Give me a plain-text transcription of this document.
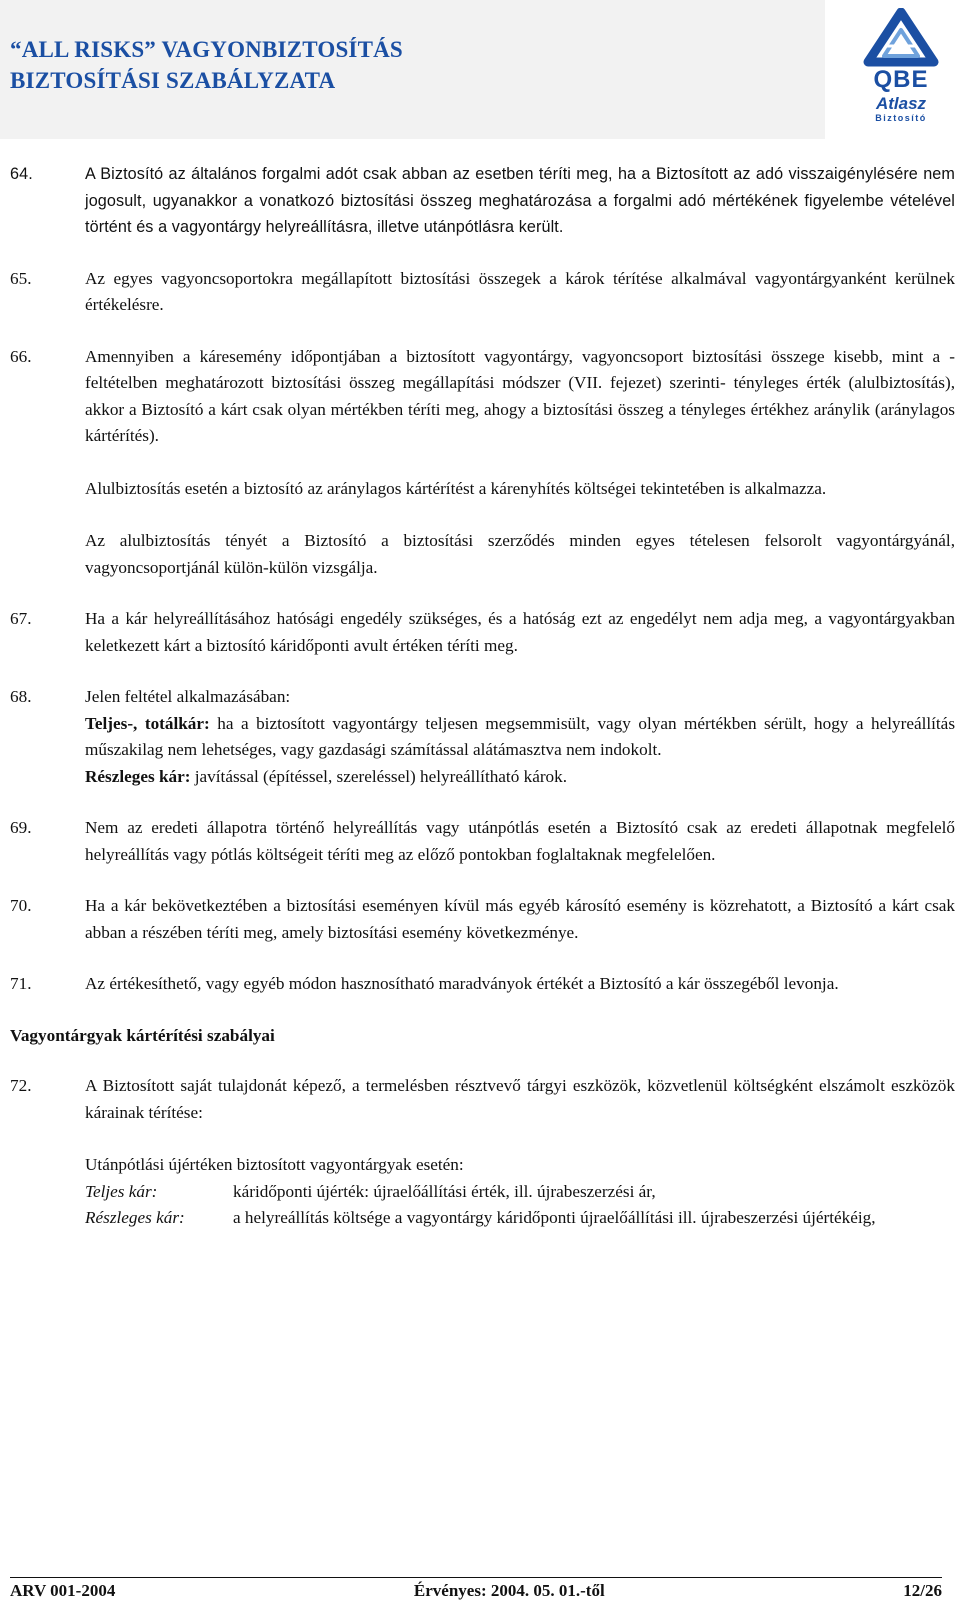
“ALL RISKS” VAGYONBIZTOSÍTÁS
BIZTOSÍTÁSI SZABÁLYZATA	QBE
Atlasz
Biztosító
64.	A Biztosító az általános forgalmi adót csak abban az esetben téríti meg, ha a Biztosított az adó visszaigénylésére nem jogosult, ugyanakkor a vonatkozó biztosítási összeg meghatározása a forgalmi adó mértékének figyelembe vételével történt és a vagyontárgy helyreállításra, illetve utánpótlásra került.

65.	Az egyes vagyoncsoportokra megállapított biztosítási összegek a károk térítése alkalmával vagyontárgyanként kerülnek értékelésre.

66.	Amennyiben a káresemény időpontjában a biztosított vagyontárgy, vagyoncsoport biztosítási összege kisebb, mint a - feltételben meghatározott biztosítási összeg megállapítási módszer (VII. fejezet) szerinti- tényleges érték (alulbiztosítás), akkor a Biztosító a kárt csak olyan mértékben téríti meg, ahogy a biztosítási összeg a tényleges értékhez aránylik (aránylagos kártérítés).

Alulbiztosítás esetén a biztosító az aránylagos kártérítést a kárenyhítés költségei tekintetében is alkalmazza.

Az alulbiztosítás tényét a Biztosító a biztosítási szerződés minden egyes tételesen felsorolt vagyontárgyánál, vagyoncsoportjánál külön-külön vizsgálja.

67.	Ha a kár helyreállításához hatósági engedély szükséges, és a hatóság ezt az engedélyt nem adja meg, a vagyontárgyakban keletkezett kárt a biztosító káridőponti avult értéken téríti meg.

68.	Jelen feltétel alkalmazásában:

Teljes-, totálkár: ha a biztosított vagyontárgy teljesen megsemmisült, vagy olyan mértékben sérült, hogy a helyreállítás műszakilag nem lehetséges, vagy gazdasági számítással alátámasztva nem indokolt.
Részleges kár: javítással (építéssel, szereléssel) helyreállítható károk.
69.	Nem az eredeti állapotra történő helyreállítás vagy utánpótlás esetén a Biztosító csak az eredeti állapotnak megfelelő helyreállítás vagy pótlás költségeit téríti meg az előző pontokban foglaltaknak megfelelően.

70.	Ha a kár bekövetkeztében a biztosítási eseményen kívül más egyéb károsító esemény is közrehatott, a Biztosító a kárt csak abban a részében téríti meg, amely biztosítási esemény következménye.

71.	Az értékesíthető, vagy egyéb módon hasznosítható maradványok értékét a Biztosító a kár összegéből levonja.

Vagyontárgyak kártérítési szabályai
72.	A Biztosított saját tulajdonát képező, a termelésben résztvevő tárgyi eszközök, közvetlenül költségként elszámolt eszközök kárainak térítése:

Utánpótlási újértéken biztosított vagyontárgyak esetén:
Teljes kár:	káridőponti újérték: újraelőállítási érték, ill. újrabeszerzési ár,
Részleges kár:	a helyreállítás költsége a vagyontárgy káridőponti újraelőállítási ill. újrabeszerzési újértékéig,
ARV 001-2004	Érvényes: 2004. 05. 01.-től	12/26
